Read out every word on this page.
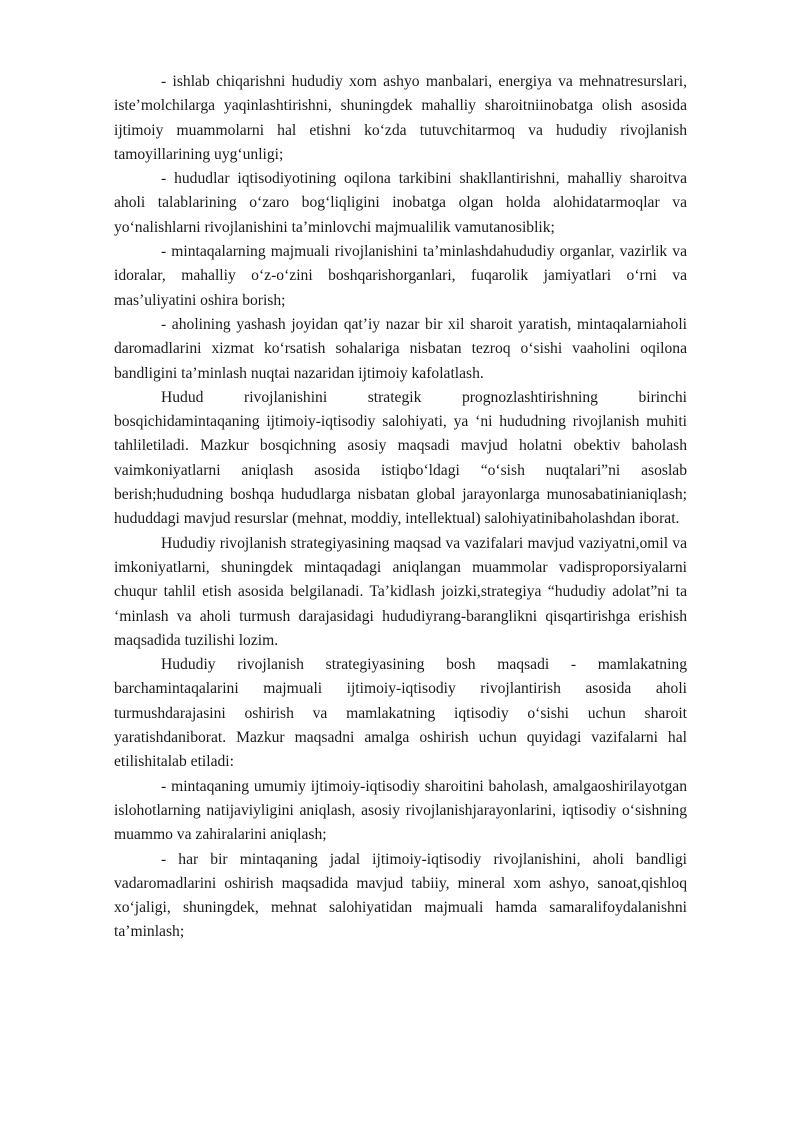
- ishlab chiqarishni hududiy xom ashyo manbalari, energiya va mehnatresurslari, iste’molchilarga yaqinlashtirishni, shuningdek mahalliy sharoitniinobatga olish asosida ijtimoiy muammolarni hal etishni ko‘zda tutuvchitarmoq va hududiy rivojlanish tamoyillarining uyg‘unligi;

- hududlar iqtisodiyotining oqilona tarkibini shakllantirishni, mahalliy sharoitva aholi talablarining o‘zaro bog‘liqligini inobatga olgan holda alohidatarmoqlar va yo‘nalishlarni rivojlanishini ta’minlovchi majmualilik vamutanosiblik;

- mintaqalarning majmuali rivojlanishini ta’minlashdahududiy organlar, vazirlik va idoralar, mahalliy o‘z-o‘zini boshqarishorganlari, fuqarolik jamiyatlari o‘rni va mas’uliyatini oshira borish;

- aholining yashash joyidan qat’iy nazar bir xil sharoit yaratish, mintaqalarniaholi daromadlarini xizmat ko‘rsatish sohalariga nisbatan tezroq o‘sishi vaaholini oqilona bandligini ta’minlash nuqtai nazaridan ijtimoiy kafolatlash.

Hudud rivojlanishini strategik prognozlashtirishning birinchi bosqichidamintaqaning ijtimoiy-iqtisodiy salohiyati, ya ‘ni hududning rivojlanish muhiti tahliletiladi. Mazkur bosqichning asosiy maqsadi mavjud holatni obektiv baholash vaimkoniyatlarni aniqlash asosida istiqbo‘ldagi “o‘sish nuqtalari”ni asoslab berish;hududning boshqa hududlarga nisbatan global jarayonlarga munosabatinianiqlash; hududdagi mavjud resurslar (mehnat, moddiy, intellektual) salohiyatinibaholashdan iborat.

Hududiy rivojlanish strategiyasining maqsad va vazifalari mavjud vaziyatni,omil va imkoniyatlarni, shuningdek mintaqadagi aniqlangan muammolar vadisproporsiyalarni chuqur tahlil etish asosida belgilanadi. Ta’kidlash joizki,strategiya “hududiy adolat”ni ta ‘minlash va aholi turmush darajasidagi hududiyrang-baranglikni qisqartirishga erishish maqsadida tuzilishi lozim.

Hududiy rivojlanish strategiyasining bosh maqsadi - mamlakatning barchamintaqalarini majmuali ijtimoiy-iqtisodiy rivojlantirish asosida aholi turmushdarajasini oshirish va mamlakatning iqtisodiy o‘sishi uchun sharoit yaratishdaniborat. Mazkur maqsadni amalga oshirish uchun quyidagi vazifalarni hal etilishitalab etiladi:

- mintaqaning umumiy ijtimoiy-iqtisodiy sharoitini baholash, amalgaoshirilayotgan islohotlarning natijaviyligini aniqlash, asosiy rivojlanishjarayonlarini, iqtisodiy o‘sishning muammo va zahiralarini aniqlash;

- har bir mintaqaning jadal ijtimoiy-iqtisodiy rivojlanishini, aholi bandligi vadaromadlarini oshirish maqsadida mavjud tabiiy, mineral xom ashyo, sanoat,qishloq xo‘jaligi, shuningdek, mehnat salohiyatidan majmuali hamda samaralifoydalanishni ta’minlash;
